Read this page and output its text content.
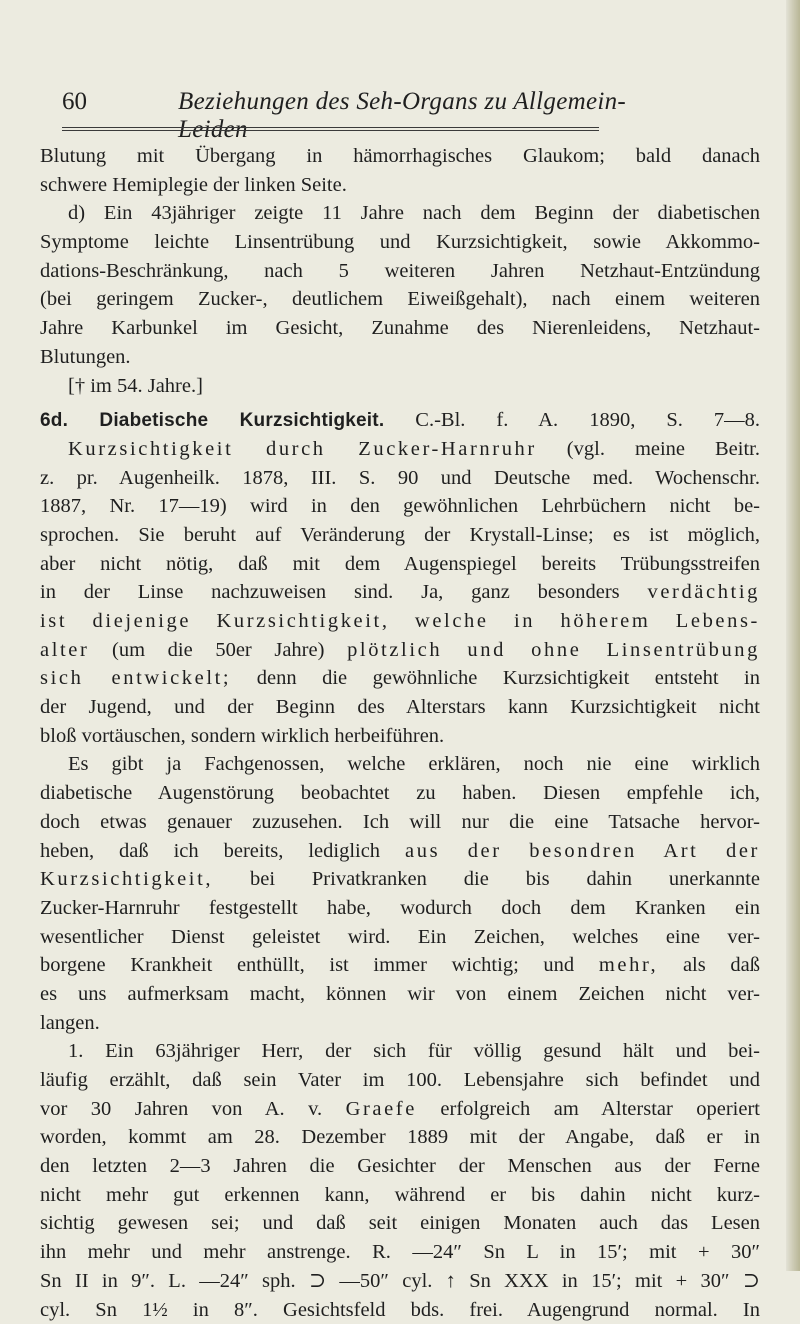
60	Beziehungen des Seh-Organs zu Allgemein-Leiden
Blutung mit Übergang in hämorrhagisches Glaukom; bald danach
schwere Hemiplegie der linken Seite.
d) Ein 43jähriger zeigte 11 Jahre nach dem Beginn der diabetischen
Symptome leichte Linsentrübung und Kurzsichtigkeit, sowie Akkommo-
dations-Beschränkung, nach 5 weiteren Jahren Netzhaut-Entzündung
(bei geringem Zucker-, deutlichem Eiweißgehalt), nach einem weiteren
Jahre Karbunkel im Gesicht, Zunahme des Nierenleidens, Netzhaut-
Blutungen.
[† im 54. Jahre.]
6d. Diabetische Kurzsichtigkeit. C.-Bl. f. A. 1890, S. 7—8.
Kurzsichtigkeit durch Zucker-Harnruhr (vgl. meine Beitr.
z. pr. Augenheilk. 1878, III. S. 90 und Deutsche med. Wochenschr.
1887, Nr. 17—19) wird in den gewöhnlichen Lehrbüchern nicht be-
sprochen. Sie beruht auf Veränderung der Krystall-Linse; es ist möglich,
aber nicht nötig, daß mit dem Augenspiegel bereits Trübungsstreifen
in der Linse nachzuweisen sind. Ja, ganz besonders verdächtig
ist diejenige Kurzsichtigkeit, welche in höherem Lebens-
alter (um die 50er Jahre) plötzlich und ohne Linsentrübung
sich entwickelt; denn die gewöhnliche Kurzsichtigkeit entsteht in
der Jugend, und der Beginn des Alterstars kann Kurzsichtigkeit nicht
bloß vortäuschen, sondern wirklich herbeiführen.
Es gibt ja Fachgenossen, welche erklären, noch nie eine wirklich
diabetische Augenstörung beobachtet zu haben. Diesen empfehle ich,
doch etwas genauer zuzusehen. Ich will nur die eine Tatsache hervor-
heben, daß ich bereits, lediglich aus der besondren Art der
Kurzsichtigkeit, bei Privatkranken die bis dahin unerkannte
Zucker-Harnruhr festgestellt habe, wodurch doch dem Kranken ein
wesentlicher Dienst geleistet wird. Ein Zeichen, welches eine ver-
borgene Krankheit enthüllt, ist immer wichtig; und mehr, als daß
es uns aufmerksam macht, können wir von einem Zeichen nicht ver-
langen.
1. Ein 63jähriger Herr, der sich für völlig gesund hält und bei-
läufig erzählt, daß sein Vater im 100. Lebensjahre sich befindet und
vor 30 Jahren von A. v. Graefe erfolgreich am Alterstar operiert
worden, kommt am 28. Dezember 1889 mit der Angabe, daß er in
den letzten 2—3 Jahren die Gesichter der Menschen aus der Ferne
nicht mehr gut erkennen kann, während er bis dahin nicht kurz-
sichtig gewesen sei; und daß seit einigen Monaten auch das Lesen
ihn mehr und mehr anstrenge. R. —24″ Sn L in 15′; mit + 30″
Sn II in 9″. L. —24″ sph. ⊃ —50″ cyl. ↑ Sn XXX in 15′; mit + 30″ ⊃
cyl. Sn 1½ in 8″. Gesichtsfeld bds. frei. Augengrund normal. In
